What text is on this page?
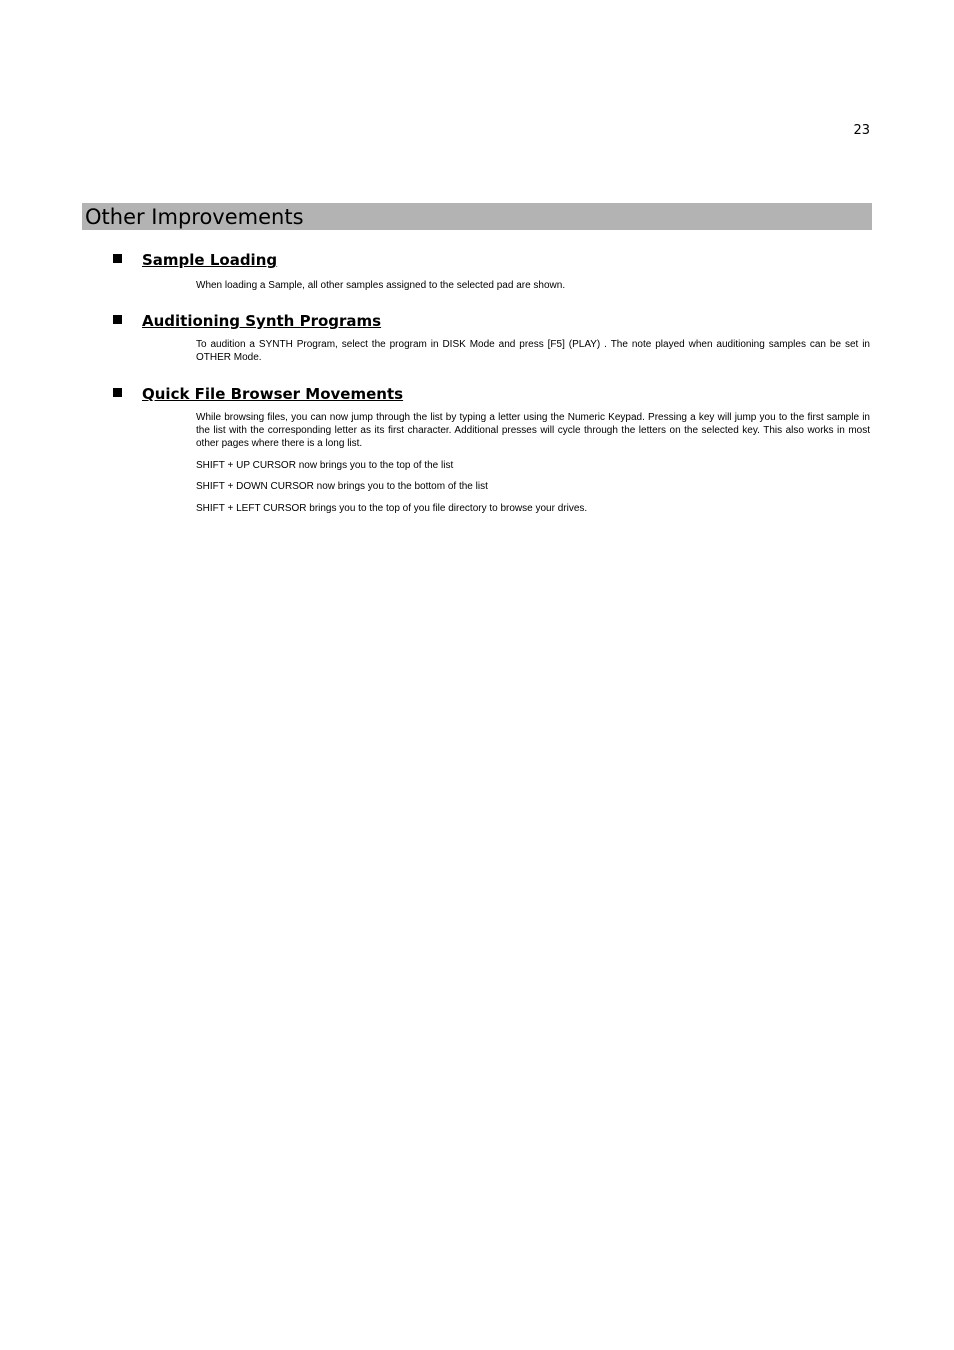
23
Other Improvements
Sample Loading

When loading a Sample, all other samples assigned to the selected pad are shown.

Auditioning Synth Programs

To audition a SYNTH Program, select the program in DISK Mode and press [F5] (PLAY) . The note played when auditioning samples can be set in OTHER Mode.

Quick File Browser Movements

While browsing files, you can now jump through the list by typing a letter using the Numeric Keypad. Pressing a key will jump you to the first sample in the list with the corresponding letter as its first character. Additional presses will cycle through the letters on the selected key. This also works in most other pages where there is a long list.

SHIFT + UP CURSOR now brings you to the top of the list

SHIFT + DOWN CURSOR now brings you to the bottom of the list

SHIFT + LEFT CURSOR brings you to the top of you file directory to browse your drives.
